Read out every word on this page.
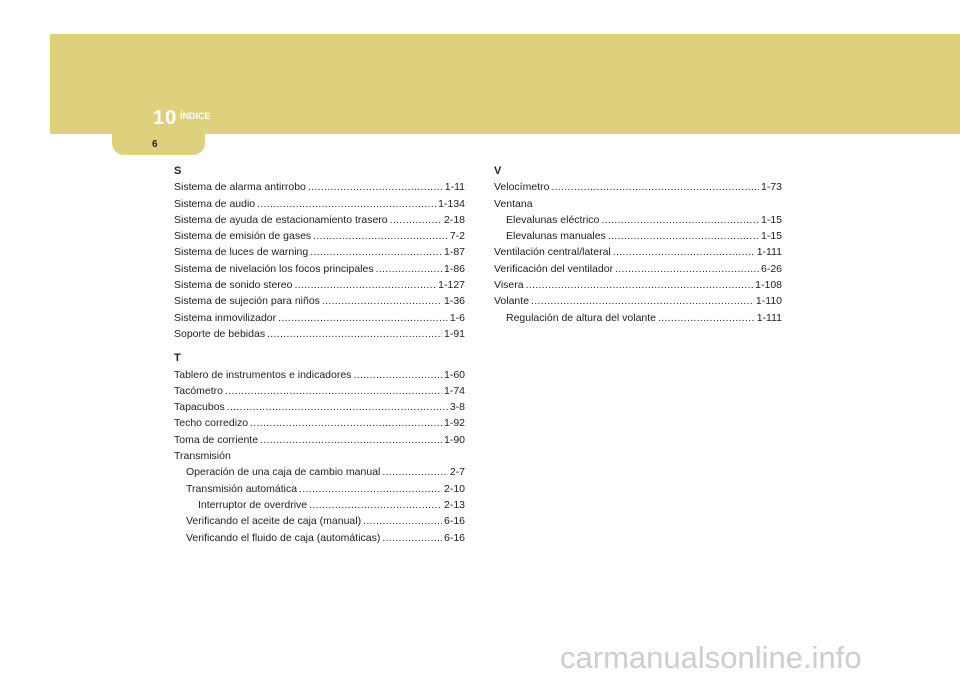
10 ÍNDICE
6
S
Sistema de alarma antirrobo .....	1-11
Sistema de audio .....	1-134
Sistema de ayuda de estacionamiento trasero .....	2-18
Sistema de emisión de gases .....	7-2
Sistema de luces de warning .....	1-87
Sistema de nivelación los focos principales .....	1-86
Sistema de sonido stereo .....	1-127
Sistema de sujeción para niños .....	1-36
Sistema inmovilizador .....	1-6
Soporte de bebidas .....	1-91
T
Tablero de instrumentos e indicadores .....	1-60
Tacómetro .....	1-74
Tapacubos .....	3-8
Techo corredizo .....	1-92
Toma de corriente .....	1-90
Transmisión
Operación de una caja de cambio manual .....	2-7
Transmisión automática .....	2-10
Interruptor de overdrive .....	2-13
Verificando el aceite de caja (manual) .....	6-16
Verificando el fluido de caja (automáticas) .....	6-16
V
Velocímetro .....	1-73
Ventana
Elevalunas eléctrico .....	1-15
Elevalunas manuales .....	1-15
Ventilación central/lateral .....	1-111
Verificación del ventilador .....	6-26
Visera .....	1-108
Volante .....	1-110
Regulación de altura del volante .....	1-111
carmanualsonline.info
